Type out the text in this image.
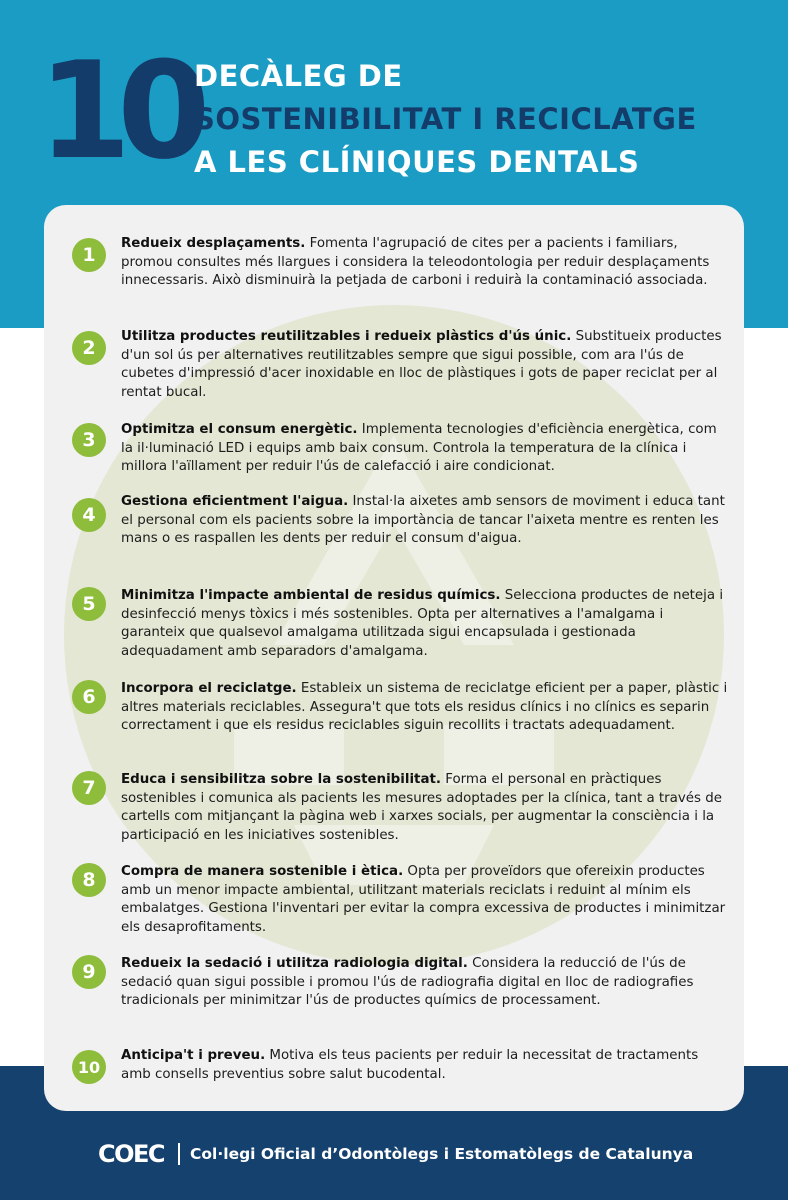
10
DECÀLEG DE
SOSTENIBILITAT I RECICLATGE
A LES CLÍNIQUES DENTALS
1
Redueix desplaçaments. Fomenta l'agrupació de cites per a pacients i familiars, promou consultes més llargues i considera la teleodontologia per reduir desplaçaments innecessaris. Això disminuirà la petjada de carboni i reduirà la contaminació associada.
2
Utilitza productes reutilitzables i redueix plàstics d'ús únic. Substitueix productes d'un sol ús per alternatives reutilitzables sempre que sigui possible, com ara l'ús de cubetes d'impressió d'acer inoxidable en lloc de plàstiques i gots de paper reciclat per al rentat bucal.
3	Optimitza el consum energètic. Implementa tecnologies d'eficiència energètica, com la il·luminació LED i equips amb baix consum. Controla la temperatura de la clínica i millora l'aïllament per reduir l'ús de calefacció i aire condicionat.
4
Gestiona eficientment l'aigua. Instal·la aixetes amb sensors de moviment i educa tant el personal com els pacients sobre la importància de tancar l'aixeta mentre es renten les mans o es raspallen les dents per reduir el consum d'aigua.
5	Minimitza l'impacte ambiental de residus químics. Selecciona productes de neteja i desinfecció menys tòxics i més sostenibles. Opta per alternatives a l'amalgama i garanteix que qualsevol amalgama utilitzada sigui encapsulada i gestionada adequadament amb separadors d'amalgama.
6	Incorpora el reciclatge. Estableix un sistema de reciclatge eficient per a paper, plàstic i altres materials reciclables. Assegura't que tots els residus clínics i no clínics es separin correctament i que els residus reciclables siguin recollits i tractats adequadament.
7	Educa i sensibilitza sobre la sostenibilitat. Forma el personal en pràctiques sostenibles i comunica als pacients les mesures adoptades per la clínica, tant a través de cartells com mitjançant la pàgina web i xarxes socials, per augmentar la consciència i la participació en les iniciatives sostenibles.
8	Compra de manera sostenible i ètica. Opta per proveïdors que ofereixin productes amb un menor impacte ambiental, utilitzant materials reciclats i reduint al mínim els embalatges. Gestiona l'inventari per evitar la compra excessiva de productes i minimitzar els desaprofitaments.
9	Redueix la sedació i utilitza radiologia digital. Considera la reducció de l'ús de sedació quan sigui possible i promou l'ús de radiografia digital en lloc de radiografies tradicionals per minimitzar l'ús de productes químics de processament.
10
Anticipa't i preveu. Motiva els teus pacients per reduir la necessitat de tractaments amb consells preventius sobre salut bucodental.
COEC Col·legi Oficial d’Odontòlegs i Estomatòlegs de Catalunya
